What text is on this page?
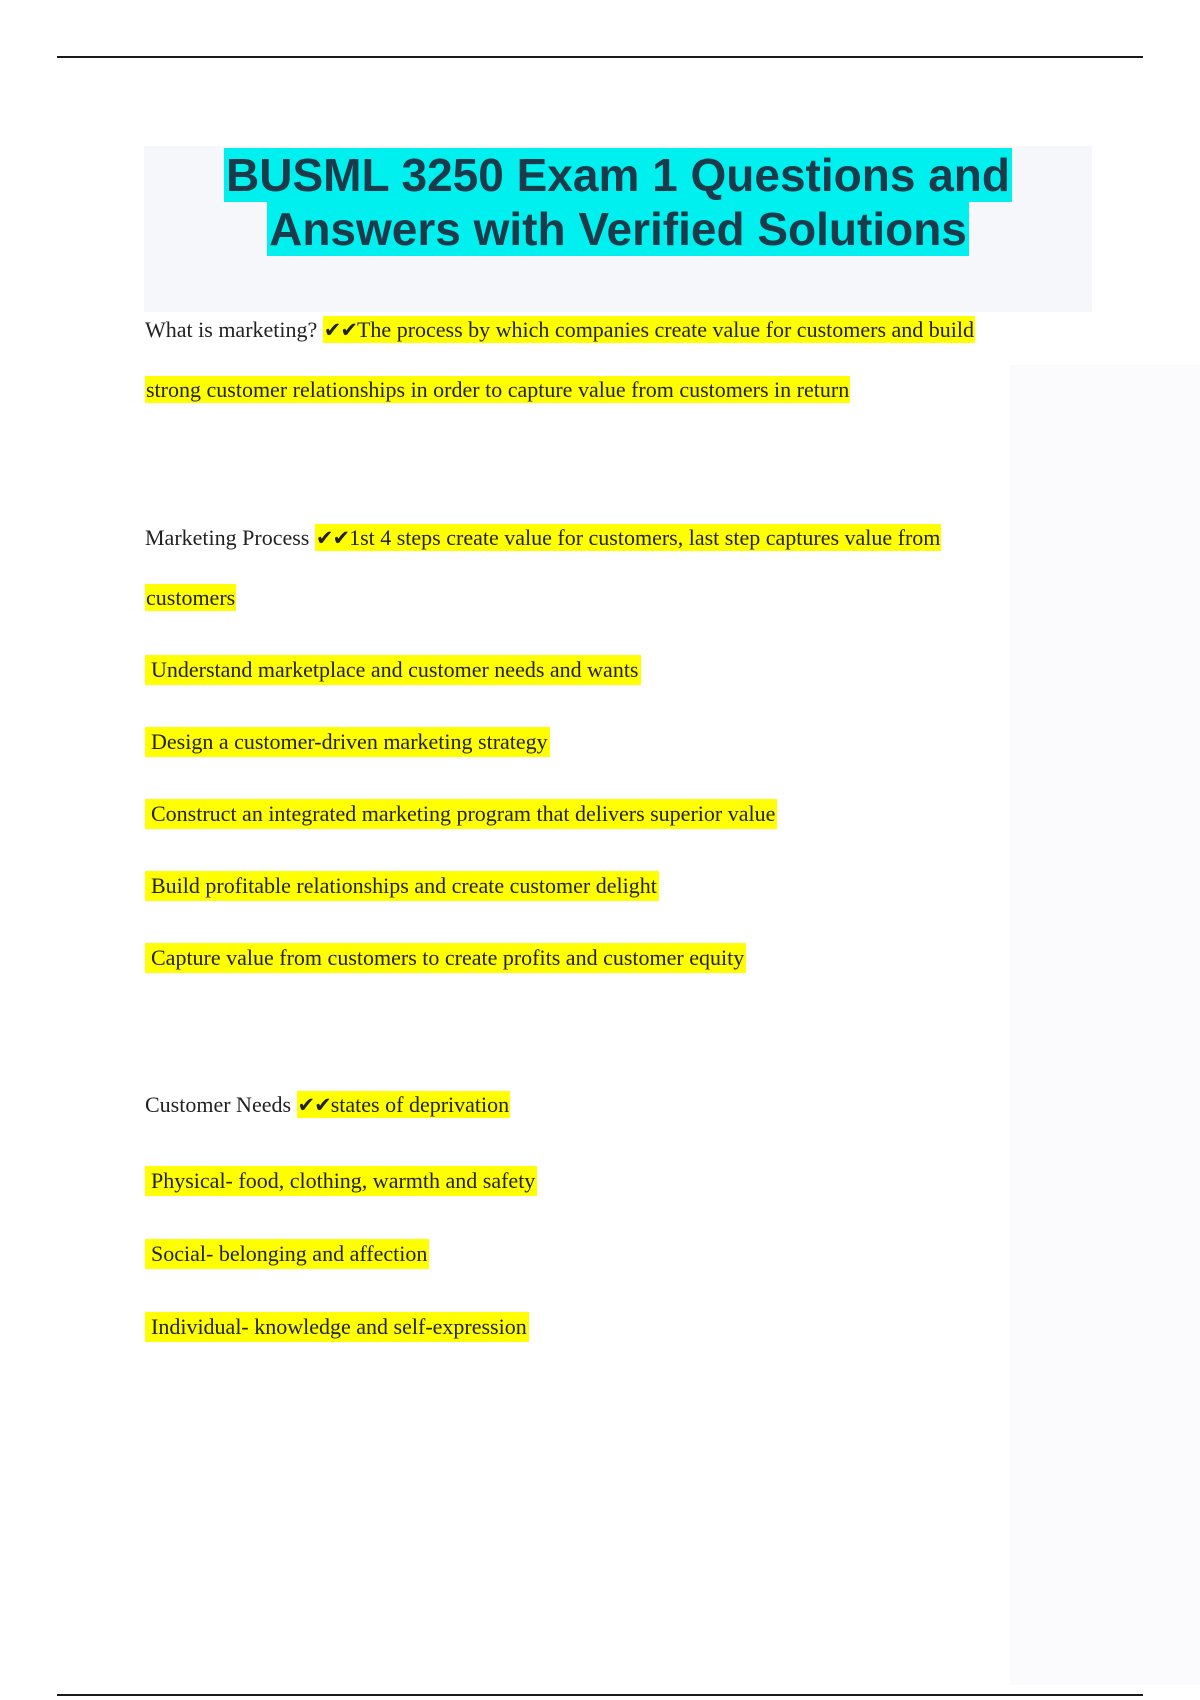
BUSML 3250 Exam 1 Questions and
Answers with Verified Solutions
What is marketing? ✔✔The process by which companies create value for customers and build
strong customer relationships in order to capture value from customers in return
Marketing Process ✔✔1st 4 steps create value for customers, last step captures value from
customers
Understand marketplace and customer needs and wants
Design a customer-driven marketing strategy
Construct an integrated marketing program that delivers superior value
Build profitable relationships and create customer delight
Capture value from customers to create profits and customer equity
Customer Needs ✔✔states of deprivation
Physical- food, clothing, warmth and safety
Social- belonging and affection
Individual- knowledge and self-expression
